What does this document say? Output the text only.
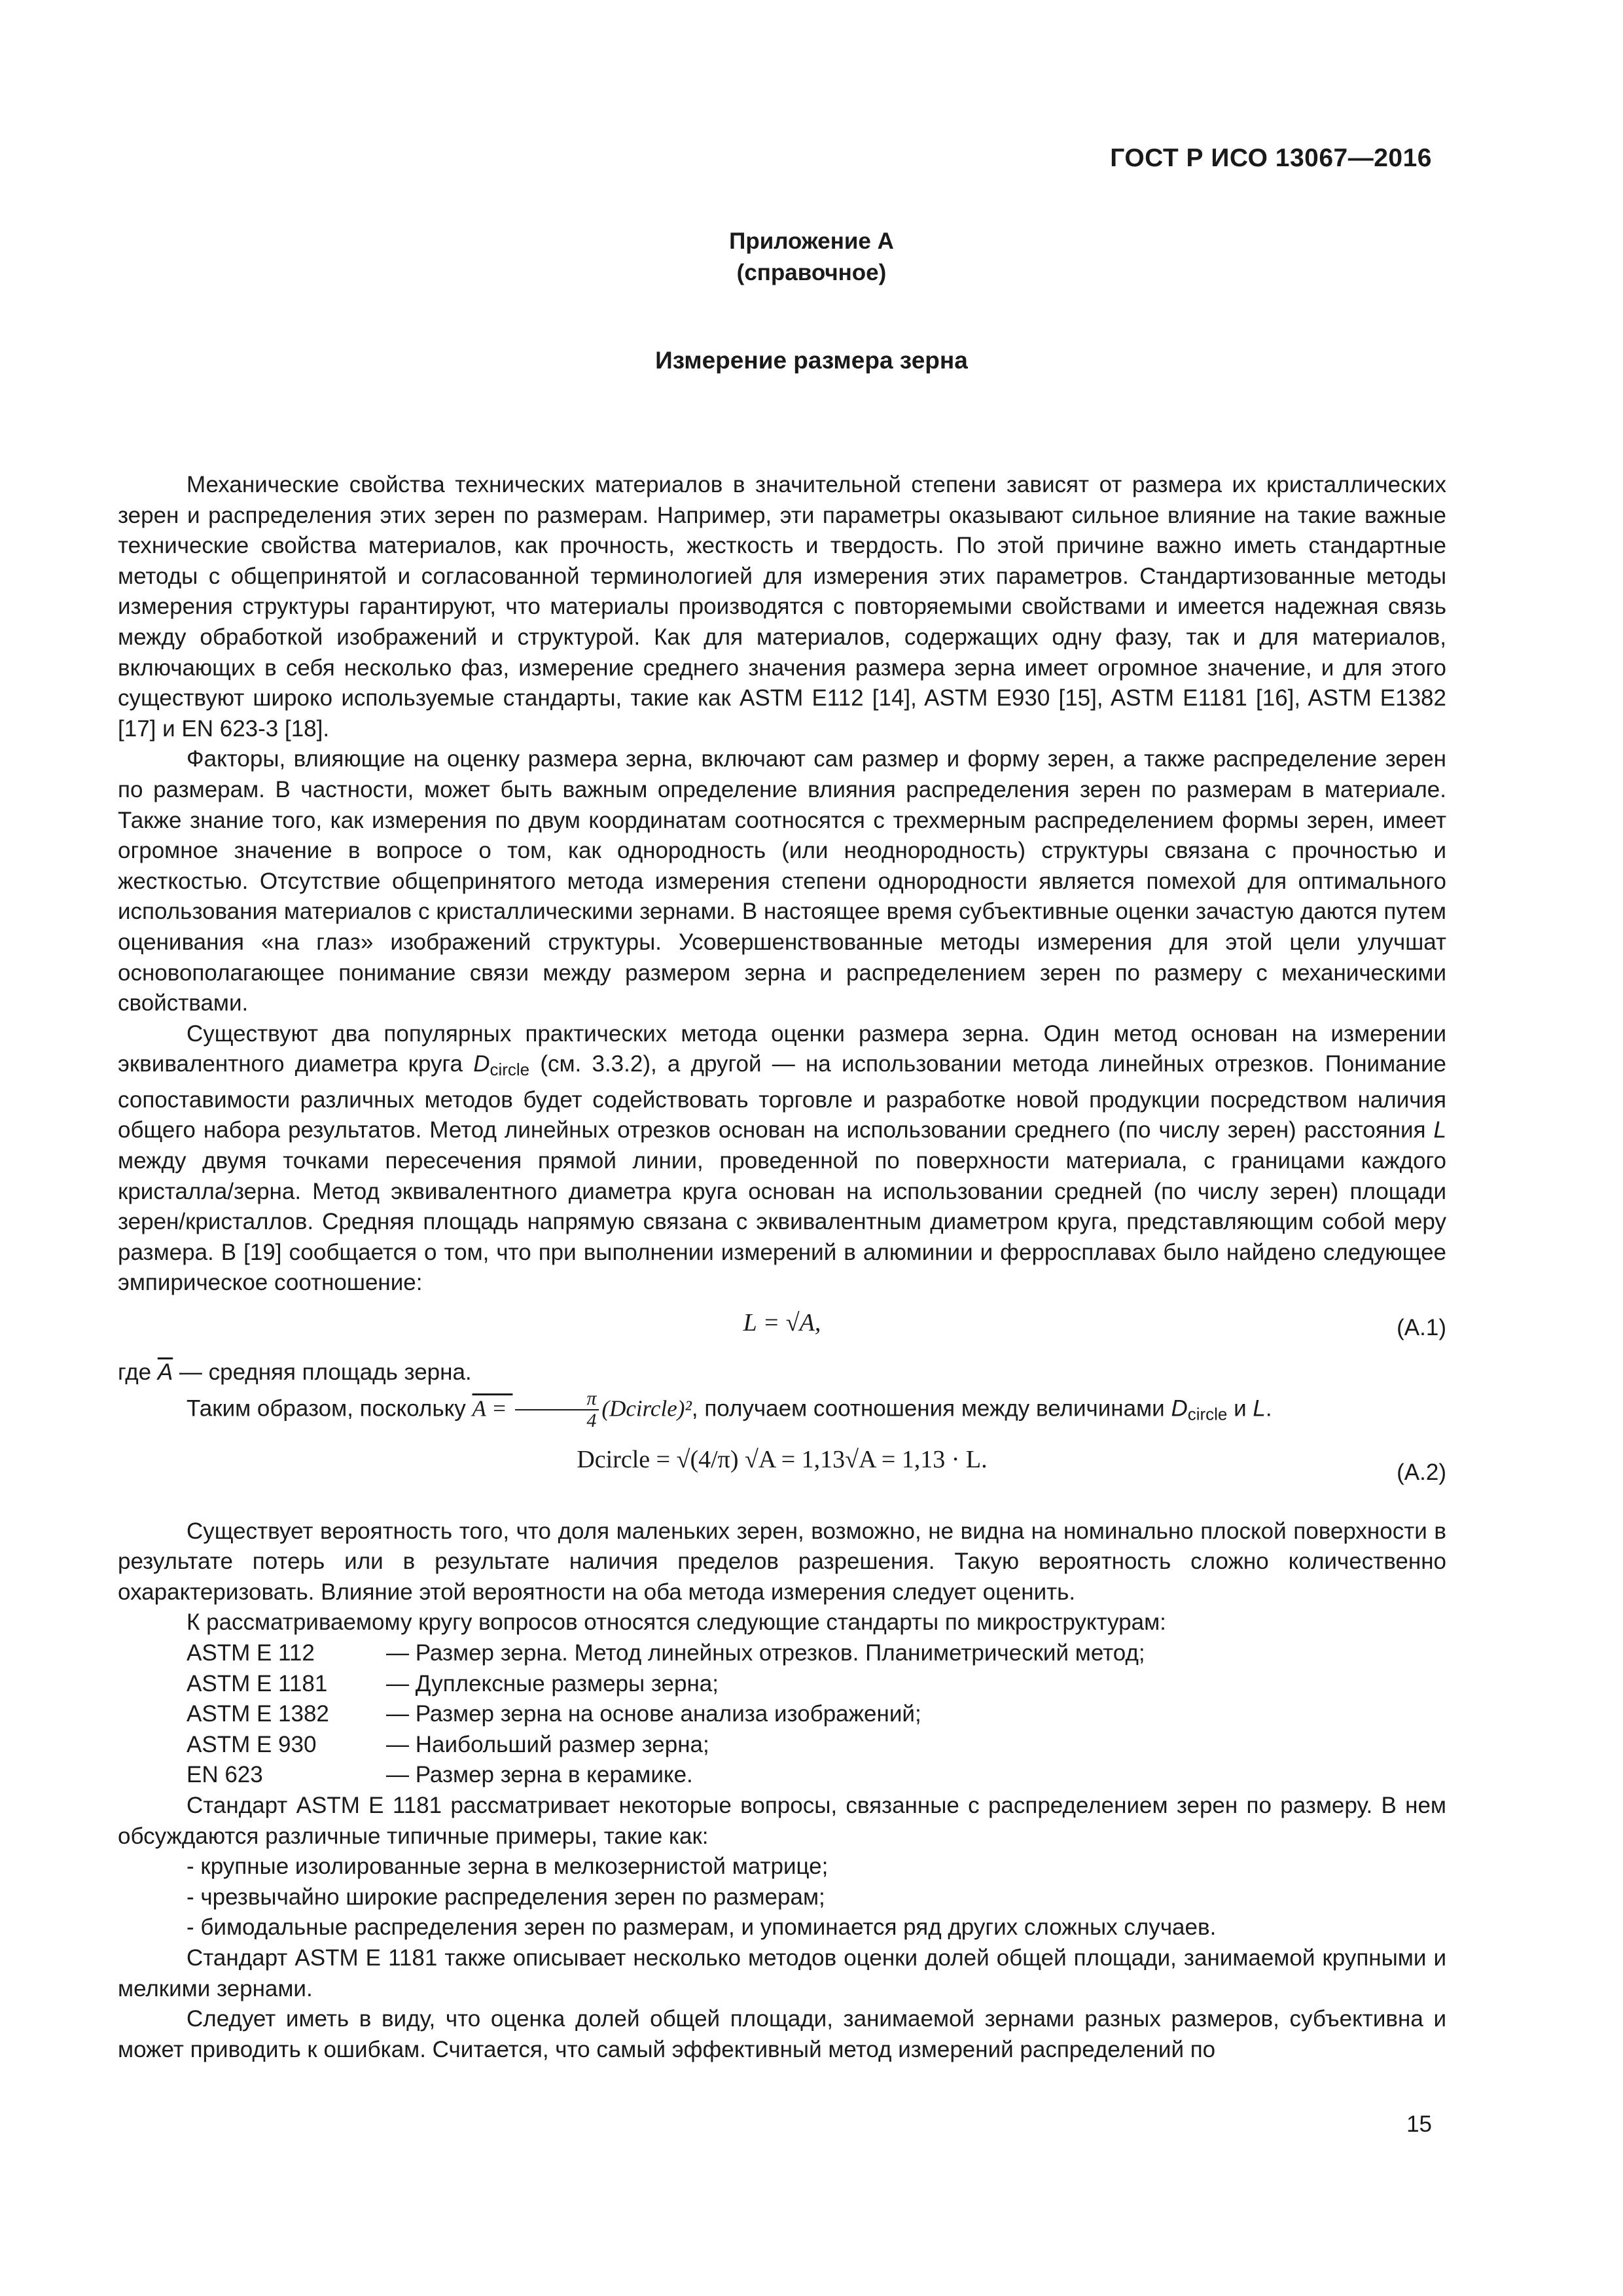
ГОСТ Р ИСО 13067—2016
Приложение А
(справочное)
Измерение размера зерна

Механические свойства технических материалов в значительной степени зависят от размера их кристаллических зерен и распределения этих зерен по размерам. Например, эти параметры оказывают сильное влияние на такие важные технические свойства материалов, как прочность, жесткость и твердость. По этой причине важно иметь стандартные методы с общепринятой и согласованной терминологией для измерения этих параметров. Стандартизованные методы измерения структуры гарантируют, что материалы производятся с повторяемыми свойствами и имеется надежная связь между обработкой изображений и структурой. Как для материалов, содержащих одну фазу, так и для материалов, включающих в себя несколько фаз, измерение среднего значения размера зерна имеет огромное значение, и для этого существуют широко используемые стандарты, такие как ASTM E112 [14], ASTM E930 [15], ASTM E1181 [16], ASTM E1382 [17] и EN 623-3 [18].

Факторы, влияющие на оценку размера зерна, включают сам размер и форму зерен, а также распределение зерен по размерам. В частности, может быть важным определение влияния распределения зерен по размерам в материале. Также знание того, как измерения по двум координатам соотносятся с трехмерным распределением формы зерен, имеет огромное значение в вопросе о том, как однородность (или неоднородность) структуры связана с прочностью и жесткостью. Отсутствие общепринятого метода измерения степени однородности является помехой для оптимального использования материалов с кристаллическими зернами. В настоящее время субъективные оценки зачастую даются путем оценивания «на глаз» изображений структуры. Усовершенствованные методы измерения для этой цели улучшат основополагающее понимание связи между размером зерна и распределением зерен по размеру с механическими свойствами.

Существуют два популярных практических метода оценки размера зерна. Один метод основан на измерении эквивалентного диаметра круга $D_{circle}$ (см. 3.3.2), а другой — на использовании метода линейных отрезков. Понимание сопоставимости различных методов будет содействовать торговле и разработке новой продукции посредством наличия общего набора результатов. Метод линейных отрезков основан на использовании среднего (по числу зерен) расстояния L между двумя точками пересечения прямой линии, проведенной по поверхности материала, с границами каждого кристалла/зерна. Метод эквивалентного диаметра круга основан на использовании средней (по числу зерен) площади зерен/кристаллов. Средняя площадь напрямую связана с эквивалентным диаметром круга, представляющим собой меру размера. В [19] сообщается о том, что при выполнении измерений в алюминии и ферросплавах было найдено следующее эмпирическое соотношение:

L = √A,	(A.1)

где $\overline{A}$ — средняя площадь зерна.

Таким образом, поскольку $A = \frac{\pi}{4}$ (Dcircle)², получаем соотношения между величинами $D_{circle}$ и L.

Dcircle = √(4/π) √A = 1,13√A = 1,13 · L.	(A.2)

Существует вероятность того, что доля маленьких зерен, возможно, не видна на номинально плоской поверхности в результате потерь или в результате наличия пределов разрешения. Такую вероятность сложно количественно охарактеризовать. Влияние этой вероятности на оба метода измерения следует оценить.

К рассматриваемому кругу вопросов относятся следующие стандарты по микроструктурам:

ASTM E 112	— Размер зерна. Метод линейных отрезков. Планиметрический метод;
ASTM E 1181	— Дуплексные размеры зерна;
ASTM E 1382	— Размер зерна на основе анализа изображений;
ASTM E 930	— Наибольший размер зерна;
EN 623	— Размер зерна в керамике.

Стандарт ASTM E 1181 рассматривает некоторые вопросы, связанные с распределением зерен по размеру. В нем обсуждаются различные типичные примеры, такие как:

- крупные изолированные зерна в мелкозернистой матрице;
- чрезвычайно широкие распределения зерен по размерам;
- бимодальные распределения зерен по размерам, и упоминается ряд других сложных случаев.

Стандарт ASTM E 1181 также описывает несколько методов оценки долей общей площади, занимаемой крупными и мелкими зернами.

Следует иметь в виду, что оценка долей общей площади, занимаемой зернами разных размеров, субъективна и может приводить к ошибкам. Считается, что самый эффективный метод измерений распределений по

15
